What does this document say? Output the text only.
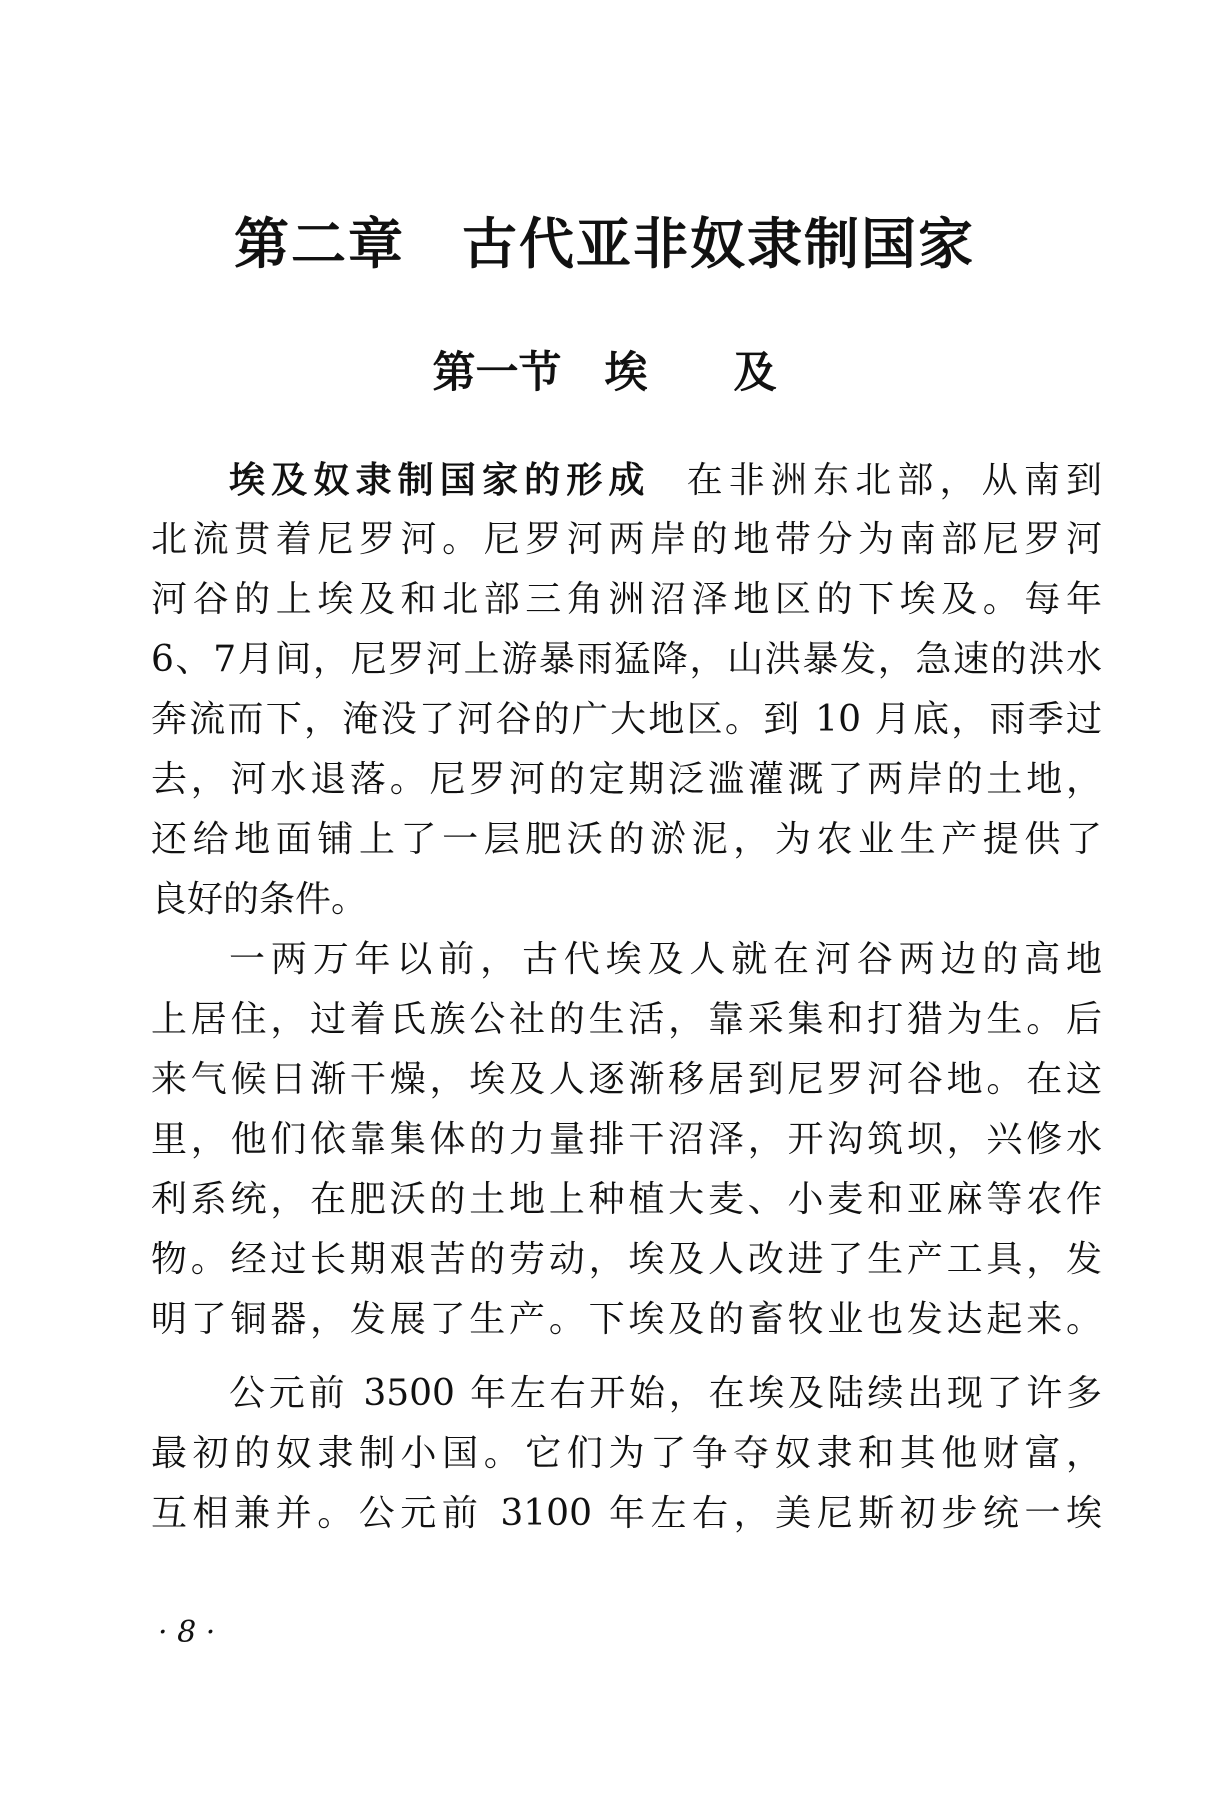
第二章　古代亚非奴隶制国家
第一节　埃　　及
埃及奴隶制国家的形成 在非洲东北部，从南到
北流贯着尼罗河。尼罗河两岸的地带分为南部尼罗河
河谷的上埃及和北部三角洲沼泽地区的下埃及。每年
6、7月间，尼罗河上游暴雨猛降，山洪暴发，急速的洪水
奔流而下，淹没了河谷的广大地区。到 10 月底，雨季过
去，河水退落。尼罗河的定期泛滥灌溉了两岸的土地，
还给地面铺上了一层肥沃的淤泥，为农业生产提供了
良好的条件。
一两万年以前，古代埃及人就在河谷两边的高地
上居住，过着氏族公社的生活，靠采集和打猎为生。后
来气候日渐干燥，埃及人逐渐移居到尼罗河谷地。在这
里，他们依靠集体的力量排干沼泽，开沟筑坝，兴修水
利系统，在肥沃的土地上种植大麦、小麦和亚麻等农作
物。经过长期艰苦的劳动，埃及人改进了生产工具，发
明了铜器，发展了生产。下埃及的畜牧业也发达起来。
公元前 3500 年左右开始，在埃及陆续出现了许多
最初的奴隶制小国。它们为了争夺奴隶和其他财富，
互相兼并。公元前 3100 年左右，美尼斯初步统一埃
· 8 ·
